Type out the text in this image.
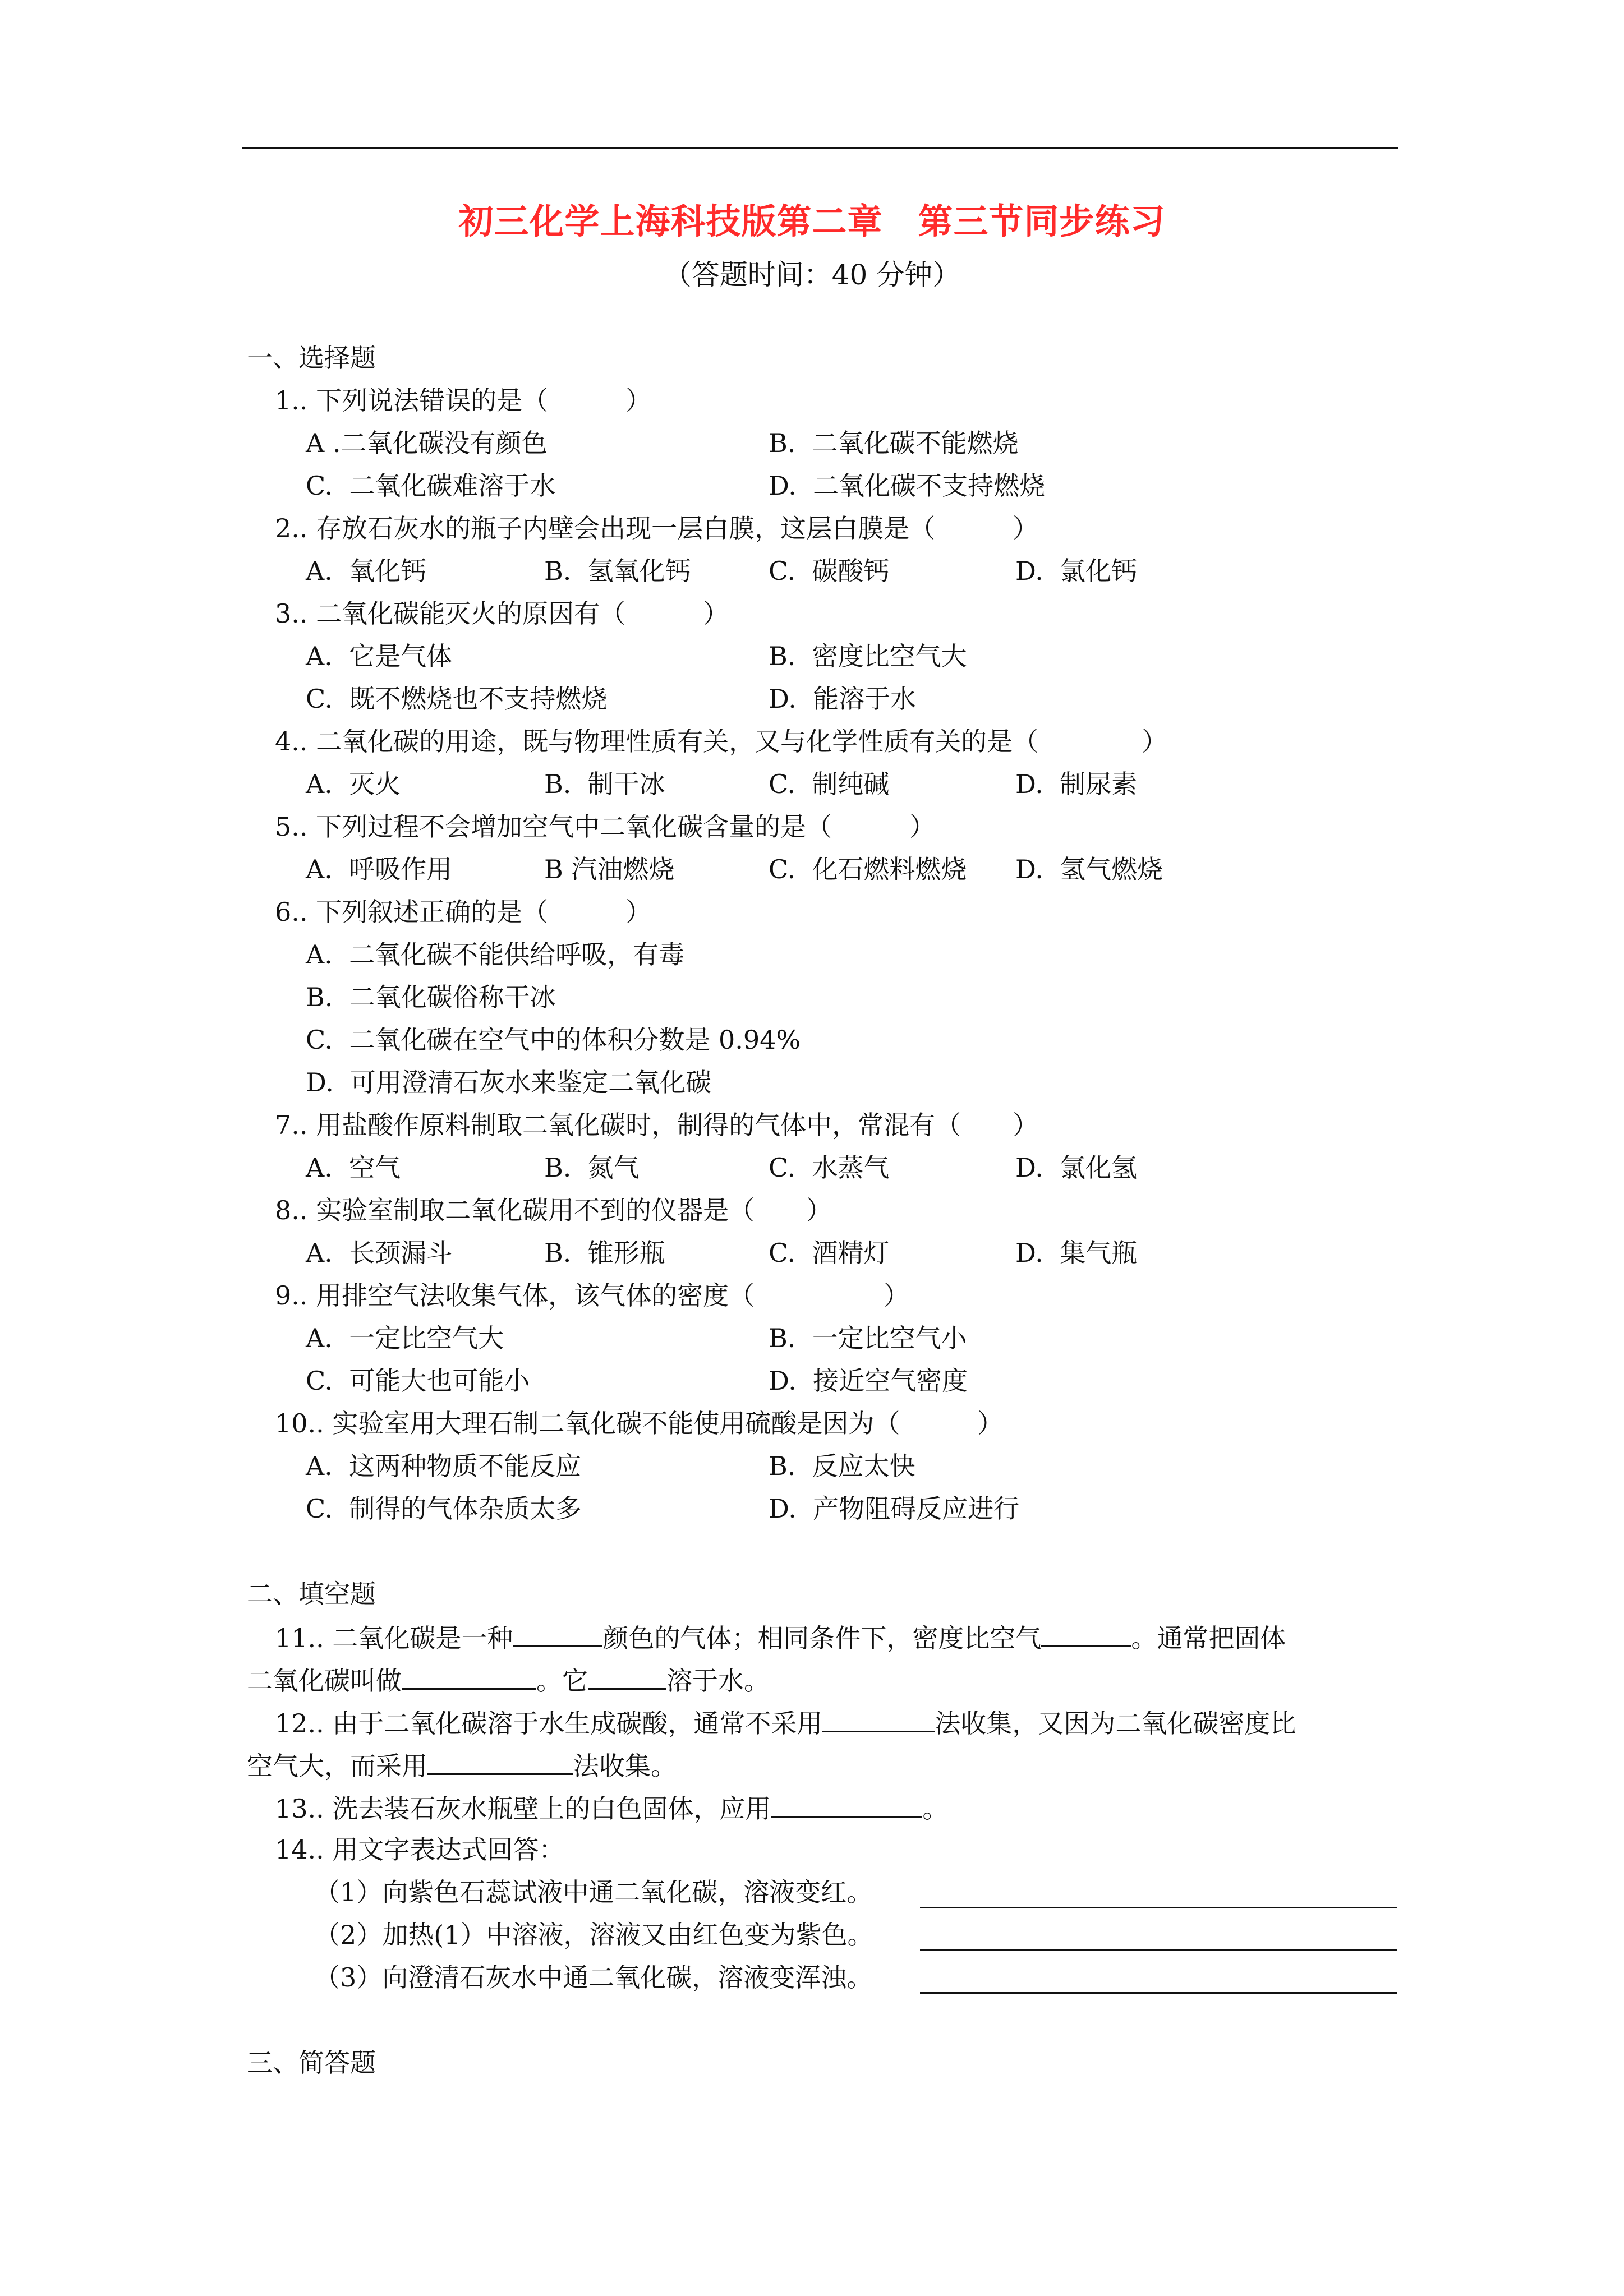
初三化学上海科技版第二章　第三节同步练习
（答题时间：40 分钟）
一、选择题
1.. 下列说法错误的是（　　　）
A .二氧化碳没有颜色	B.  二氧化碳不能燃烧
C.  二氧化碳难溶于水	D.  二氧化碳不支持燃烧
2.. 存放石灰水的瓶子内壁会出现一层白膜，这层白膜是（　　　）
A.  氧化钙	B.  氢氧化钙	C.  碳酸钙	D.  氯化钙
3.. 二氧化碳能灭火的原因有（　　　）
A.  它是气体	B.  密度比空气大
C.  既不燃烧也不支持燃烧	D.  能溶于水
4.. 二氧化碳的用途，既与物理性质有关，又与化学性质有关的是（　　　　）
A.  灭火	B.  制干冰	C.  制纯碱	D.  制尿素
5.. 下列过程不会增加空气中二氧化碳含量的是（　　　）
A.  呼吸作用	B 汽油燃烧	C.  化石燃料燃烧 D.  氢气燃烧
6.. 下列叙述正确的是（　　　）
A.  二氧化碳不能供给呼吸，有毒
B.  二氧化碳俗称干冰
C.  二氧化碳在空气中的体积分数是 0.94%
D.  可用澄清石灰水来鉴定二氧化碳
7.. 用盐酸作原料制取二氧化碳时，制得的气体中，常混有（　　）
A.  空气	B.  氮气	C.  水蒸气	D.  氯化氢
8.. 实验室制取二氧化碳用不到的仪器是（　　）
A.  长颈漏斗	B.  锥形瓶	C.  酒精灯	D.  集气瓶
9.. 用排空气法收集气体，该气体的密度（　　　　　）
A.  一定比空气大	B.  一定比空气小
C.  可能大也可能小	D.  接近空气密度
10.. 实验室用大理石制二氧化碳不能使用硫酸是因为（　　　）
A.  这两种物质不能反应	B.  反应太快
C.  制得的气体杂质太多	D.  产物阻碍反应进行
二、填空题
11.. 二氧化碳是一种	颜色的气体；相同条件下，密度比空气	。通常把固体
二氧化碳叫做	。它	溶于水。
12.. 由于二氧化碳溶于水生成碳酸，通常不采用	法收集，又因为二氧化碳密度比
空气大，而采用	法收集。
13.. 洗去装石灰水瓶壁上的白色固体，应用	。
14.. 用文字表达式回答：
（1）向紫色石蕊试液中通二氧化碳，溶液变红。
（2）加热(1）中溶液，溶液又由红色变为紫色。
（3）向澄清石灰水中通二氧化碳，溶液变浑浊。
三、简答题
